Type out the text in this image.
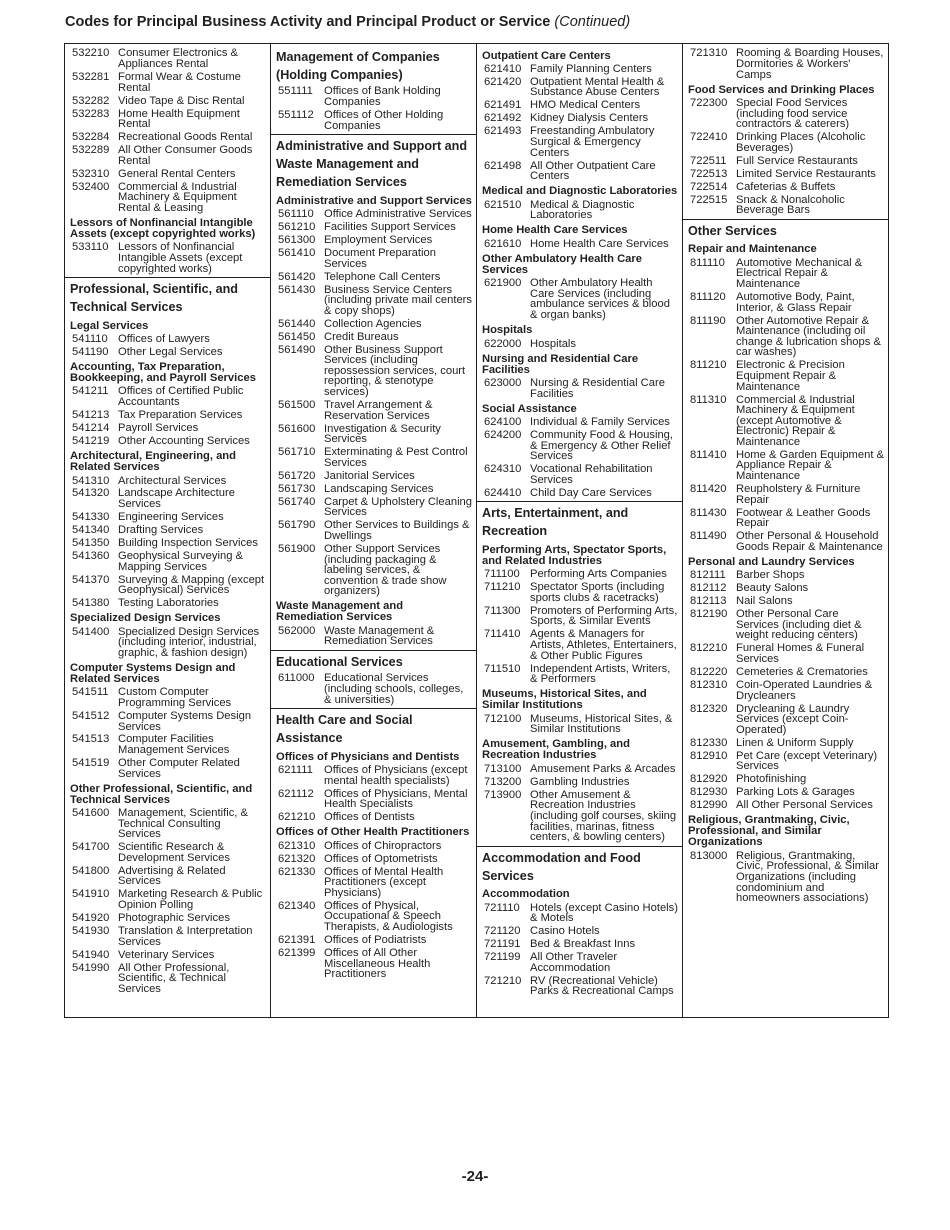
Codes for Principal Business Activity and Principal Product or Service (Continued)
532210 Consumer Electronics & Appliances Rental
532281 Formal Wear & Costume Rental
532282 Video Tape & Disc Rental
532283 Home Health Equipment Rental
532284 Recreational Goods Rental
532289 All Other Consumer Goods Rental
532310 General Rental Centers
532400 Commercial & Industrial Machinery & Equipment Rental & Leasing
Lessors of Nonfinancial Intangible Assets (except copyrighted works)
533110 Lessors of Nonfinancial Intangible Assets (except copyrighted works)
Professional, Scientific, and Technical Services
Legal Services
541110 Offices of Lawyers
541190 Other Legal Services
Accounting, Tax Preparation, Bookkeeping, and Payroll Services
541211 Offices of Certified Public Accountants
541213 Tax Preparation Services
541214 Payroll Services
541219 Other Accounting Services
Architectural, Engineering, and Related Services
541310 Architectural Services
541320 Landscape Architecture Services
541330 Engineering Services
541340 Drafting Services
541350 Building Inspection Services
541360 Geophysical Surveying & Mapping Services
541370 Surveying & Mapping (except Geophysical) Services
541380 Testing Laboratories
Specialized Design Services
541400 Specialized Design Services (including interior, industrial, graphic, & fashion design)
Computer Systems Design and Related Services
541511 Custom Computer Programming Services
541512 Computer Systems Design Services
541513 Computer Facilities Management Services
541519 Other Computer Related Services
Other Professional, Scientific, and Technical Services
541600 Management, Scientific, & Technical Consulting Services
541700 Scientific Research & Development Services
541800 Advertising & Related Services
541910 Marketing Research & Public Opinion Polling
541920 Photographic Services
541930 Translation & Interpretation Services
541940 Veterinary Services
541990 All Other Professional, Scientific, & Technical Services
Management of Companies (Holding Companies)
551111 Offices of Bank Holding Companies
551112 Offices of Other Holding Companies
Administrative and Support and Waste Management and Remediation Services
Administrative and Support Services
561110 Office Administrative Services
561210 Facilities Support Services
561300 Employment Services
561410 Document Preparation Services
561420 Telephone Call Centers
561430 Business Service Centers (including private mail centers & copy shops)
561440 Collection Agencies
561450 Credit Bureaus
561490 Other Business Support Services (including repossession services, court reporting, & stenotype services)
561500 Travel Arrangement & Reservation Services
561600 Investigation & Security Services
561710 Exterminating & Pest Control Services
561720 Janitorial Services
561730 Landscaping Services
561740 Carpet & Upholstery Cleaning Services
561790 Other Services to Buildings & Dwellings
561900 Other Support Services (including packaging & labeling services, & convention & trade show organizers)
Waste Management and Remediation Services
562000 Waste Management & Remediation Services
Educational Services
611000 Educational Services (including schools, colleges, & universities)
Health Care and Social Assistance
Offices of Physicians and Dentists
621111 Offices of Physicians (except mental health specialists)
621112 Offices of Physicians, Mental Health Specialists
621210 Offices of Dentists
Offices of Other Health Practitioners
621310 Offices of Chiropractors
621320 Offices of Optometrists
621330 Offices of Mental Health Practitioners (except Physicians)
621340 Offices of Physical, Occupational & Speech Therapists, & Audiologists
621391 Offices of Podiatrists
621399 Offices of All Other Miscellaneous Health Practitioners
Outpatient Care Centers
621410 Family Planning Centers
621420 Outpatient Mental Health & Substance Abuse Centers
621491 HMO Medical Centers
621492 Kidney Dialysis Centers
621493 Freestanding Ambulatory Surgical & Emergency Centers
621498 All Other Outpatient Care Centers
Medical and Diagnostic Laboratories
621510 Medical & Diagnostic Laboratories
Home Health Care Services
621610 Home Health Care Services
Other Ambulatory Health Care Services
621900 Other Ambulatory Health Care Services (including ambulance services & blood & organ banks)
Hospitals
622000 Hospitals
Nursing and Residential Care Facilities
623000 Nursing & Residential Care Facilities
Social Assistance
624100 Individual & Family Services
624200 Community Food & Housing, & Emergency & Other Relief Services
624310 Vocational Rehabilitation Services
624410 Child Day Care Services
Arts, Entertainment, and Recreation
Performing Arts, Spectator Sports, and Related Industries
711100 Performing Arts Companies
711210 Spectator Sports (including sports clubs & racetracks)
711300 Promoters of Performing Arts, Sports, & Similar Events
711410 Agents & Managers for Artists, Athletes, Entertainers, & Other Public Figures
711510 Independent Artists, Writers, & Performers
Museums, Historical Sites, and Similar Institutions
712100 Museums, Historical Sites, & Similar Institutions
Amusement, Gambling, and Recreation Industries
713100 Amusement Parks & Arcades
713200 Gambling Industries
713900 Other Amusement & Recreation Industries (including golf courses, skiing facilities, marinas, fitness centers, & bowling centers)
Accommodation and Food Services
Accommodation
721110 Hotels (except Casino Hotels) & Motels
721120 Casino Hotels
721191 Bed & Breakfast Inns
721199 All Other Traveler Accommodation
721210 RV (Recreational Vehicle) Parks & Recreational Camps
721310 Rooming & Boarding Houses, Dormitories & Workers' Camps
Food Services and Drinking Places
722300 Special Food Services (including food service contractors & caterers)
722410 Drinking Places (Alcoholic Beverages)
722511 Full Service Restaurants
722513 Limited Service Restaurants
722514 Cafeterias & Buffets
722515 Snack & Nonalcoholic Beverage Bars
Other Services
Repair and Maintenance
811110 Automotive Mechanical & Electrical Repair & Maintenance
811120 Automotive Body, Paint, Interior, & Glass Repair
811190 Other Automotive Repair & Maintenance (including oil change & lubrication shops & car washes)
811210 Electronic & Precision Equipment Repair & Maintenance
811310 Commercial & Industrial Machinery & Equipment (except Automotive & Electronic) Repair & Maintenance
811410 Home & Garden Equipment & Appliance Repair & Maintenance
811420 Reupholstery & Furniture Repair
811430 Footwear & Leather Goods Repair
811490 Other Personal & Household Goods Repair & Maintenance
Personal and Laundry Services
812111 Barber Shops
812112 Beauty Salons
812113 Nail Salons
812190 Other Personal Care Services (including diet & weight reducing centers)
812210 Funeral Homes & Funeral Services
812220 Cemeteries & Crematories
812310 Coin-Operated Laundries & Drycleaners
812320 Drycleaning & Laundry Services (except Coin-Operated)
812330 Linen & Uniform Supply
812910 Pet Care (except Veterinary) Services
812920 Photofinishing
812930 Parking Lots & Garages
812990 All Other Personal Services
Religious, Grantmaking, Civic, Professional, and Similar Organizations
813000 Religious, Grantmaking, Civic, Professional, & Similar Organizations (including condominium and homeowners associations)
-24-
